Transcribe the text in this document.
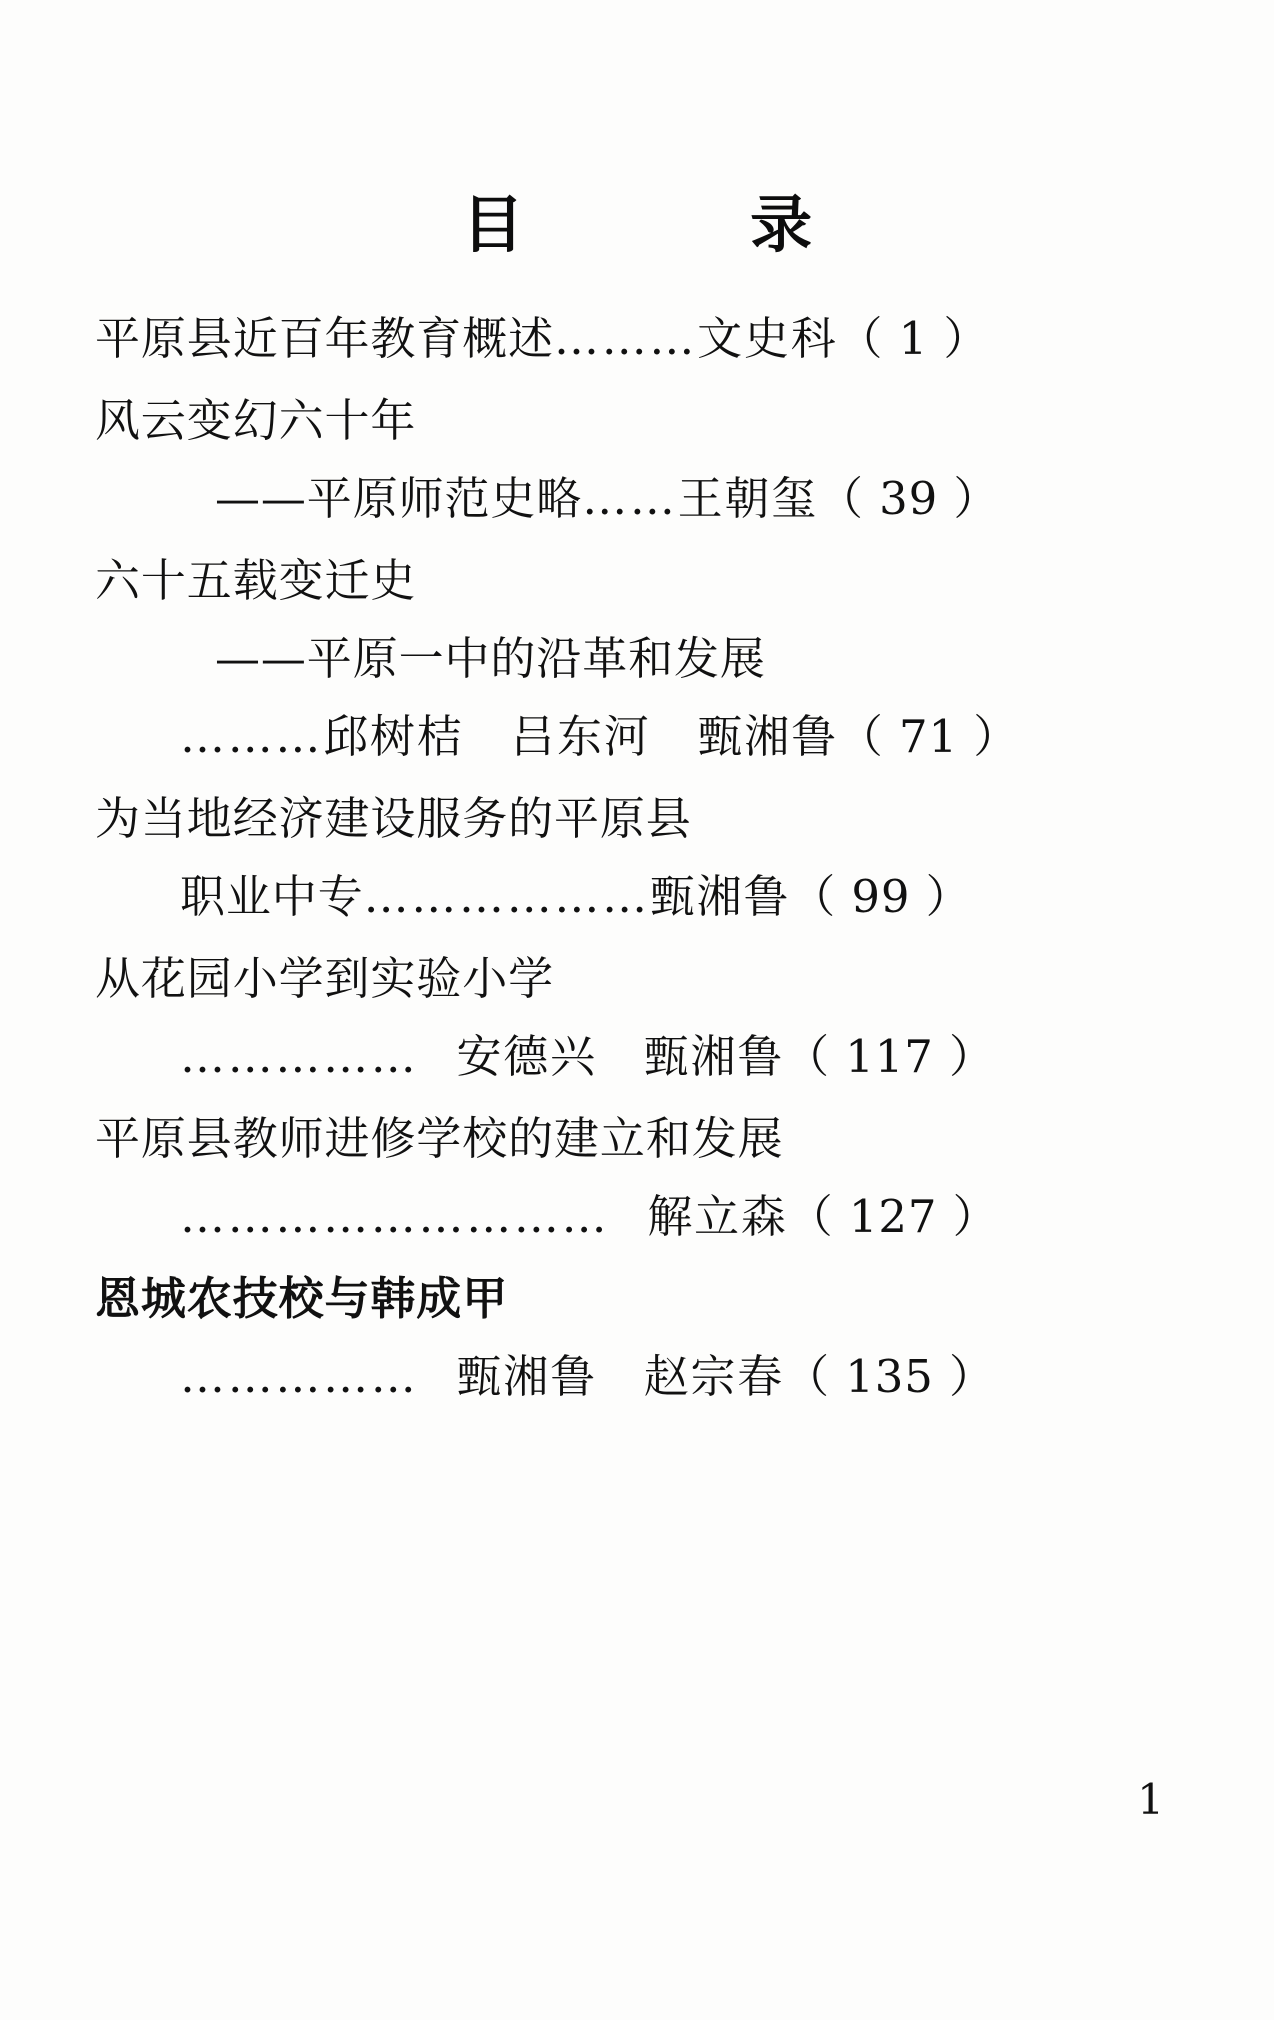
目　　录
平原县近百年教育概述………文史科（ 1 ）
风云变幻六十年
——平原师范史略……王朝玺（ 39 ）
六十五载变迁史
——平原一中的沿革和发展
………邱树桔　吕东河　甄湘鲁（ 71 ）
为当地经济建设服务的平原县
职业中专………………甄湘鲁（ 99 ）
从花园小学到实验小学
…………… 安德兴　甄湘鲁（ 117 ）
平原县教师进修学校的建立和发展
……………………… 解立森（ 127 ）
恩城农技校与韩成甲
…………… 甄湘鲁　赵宗春（ 135 ）
1
